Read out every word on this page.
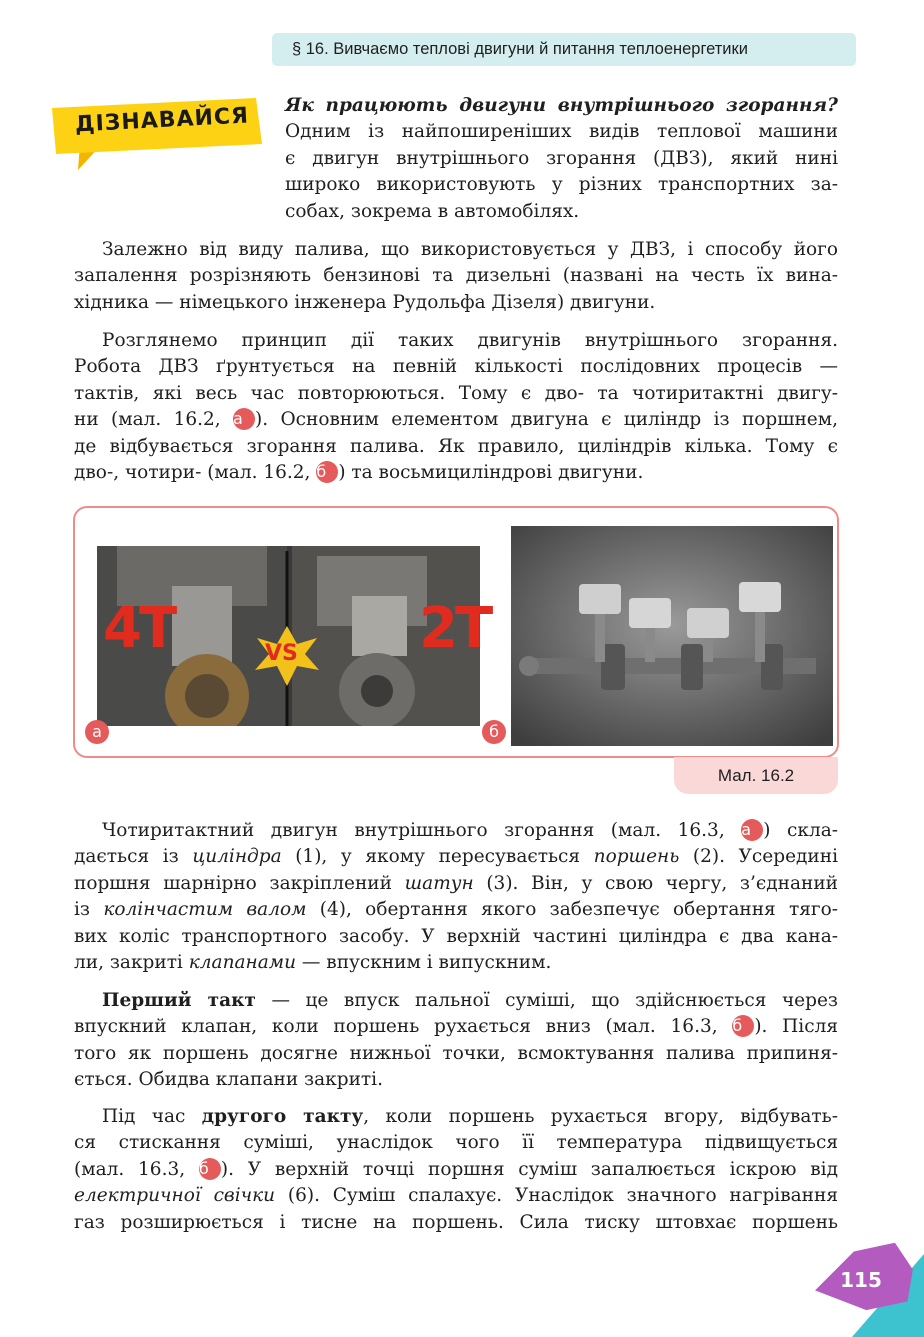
§ 16. Вивчаємо теплові двигуни й питання теплоенергетики
ДІЗНАВАЙСЯ Як працюють двигуни внутрішнього згорання?
Одним із найпоширеніших видів теплової машини
є двигун внутрішнього згорання (ДВЗ), який нині
широко використовують у різних транспортних за-
собах, зокрема в автомобілях.
Залежно від виду палива, що використовується у ДВЗ, і способу його
запалення розрізняють бензинові та дизельні (названі на честь їх вина-
хідника — німецького інженера Рудольфа Дізеля) двигуни.
Розглянемо принцип дії таких двигунів внутрішнього згорання.
Робота ДВЗ ґрунтується на певній кількості послідовних процесів —
тактів, які весь час повторюються. Тому є дво- та чотиритактні двигу-
ни (мал. 16.2, а ). Основним елементом двигуна є циліндр із поршнем,
де відбувається згорання палива. Як правило, циліндрів кілька. Тому є
дво-, чотири- (мал. 16.2, б ) та восьмициліндрові двигуни.
4T	VS 2T
а	б
Мал. 16.2
Чотиритактний двигун внутрішнього згорання (мал. 16.3, а ) скла-
дається із циліндра (1), у якому пересувається поршень (2). Усередині
поршня шарнірно закріплений шатун (3). Він, у свою чергу, з’єднаний
із колінчастим валом (4), обертання якого забезпечує обертання тяго-
вих коліс транспортного засобу. У верхній частині циліндра є два кана-
ли, закриті клапанами — впускним і випускним.
Перший такт — це впуск пальної суміші, що здійснюється через
впускний клапан, коли поршень рухається вниз (мал. 16.3, б ). Після
того як поршень досягне нижньої точки, всмоктування палива припиня-
ється. Обидва клапани закриті.
Під час другого такту, коли поршень рухається вгору, відбувать-
ся стискання суміші, унаслідок чого її температура підвищується
(мал. 16.3, б ). У верхній точці поршня суміш запалюється іскрою від
електричної свічки (6). Суміш спалахує. Унаслідок значного нагрівання
газ розширюється і тисне на поршень. Сила тиску штовхає поршень
115
